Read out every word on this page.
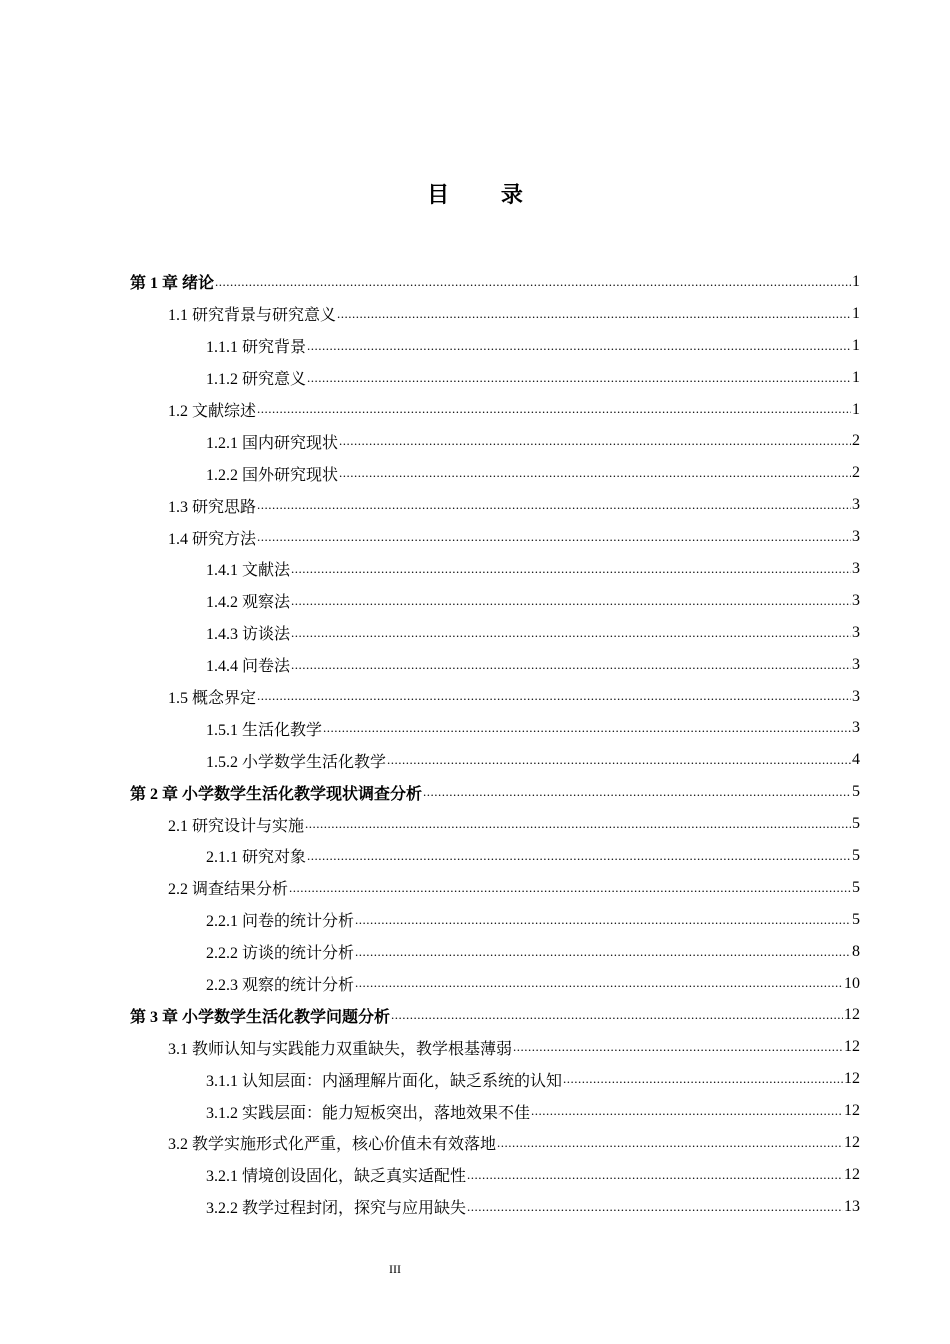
目 录
第 1 章 绪论 .....	1
1.1 研究背景与研究意义 .....	1
1.1.1 研究背景 .....	1
1.1.2 研究意义 .....	1
1.2 文献综述 .....	1
1.2.1 国内研究现状 .....	2
1.2.2 国外研究现状 .....	2
1.3 研究思路 .....	3
1.4 研究方法 .....	3
1.4.1 文献法 .....	3
1.4.2 观察法 .....	3
1.4.3 访谈法 .....	3
1.4.4 问卷法 .....	3
1.5 概念界定 .....	3
1.5.1 生活化教学 .....	3
1.5.2 小学数学生活化教学 .....	4
第 2 章 小学数学生活化教学现状调查分析 .....	5
2.1 研究设计与实施 .....	5
2.1.1 研究对象 .....	5
2.2 调查结果分析 .....	5
2.2.1 问卷的统计分析 .....	5
2.2.2 访谈的统计分析 .....	8
2.2.3 观察的统计分析 .....	10
第 3 章 小学数学生活化教学问题分析 .....	12
3.1 教师认知与实践能力双重缺失，教学根基薄弱 .....	12
3.1.1 认知层面：内涵理解片面化，缺乏系统的认知 .....	12
3.1.2 实践层面：能力短板突出，落地效果不佳 .....	12
3.2 教学实施形式化严重，核心价值未有效落地 .....	12
3.2.1 情境创设固化，缺乏真实适配性 .....	12
3.2.2 教学过程封闭，探究与应用缺失 .....	13
III
